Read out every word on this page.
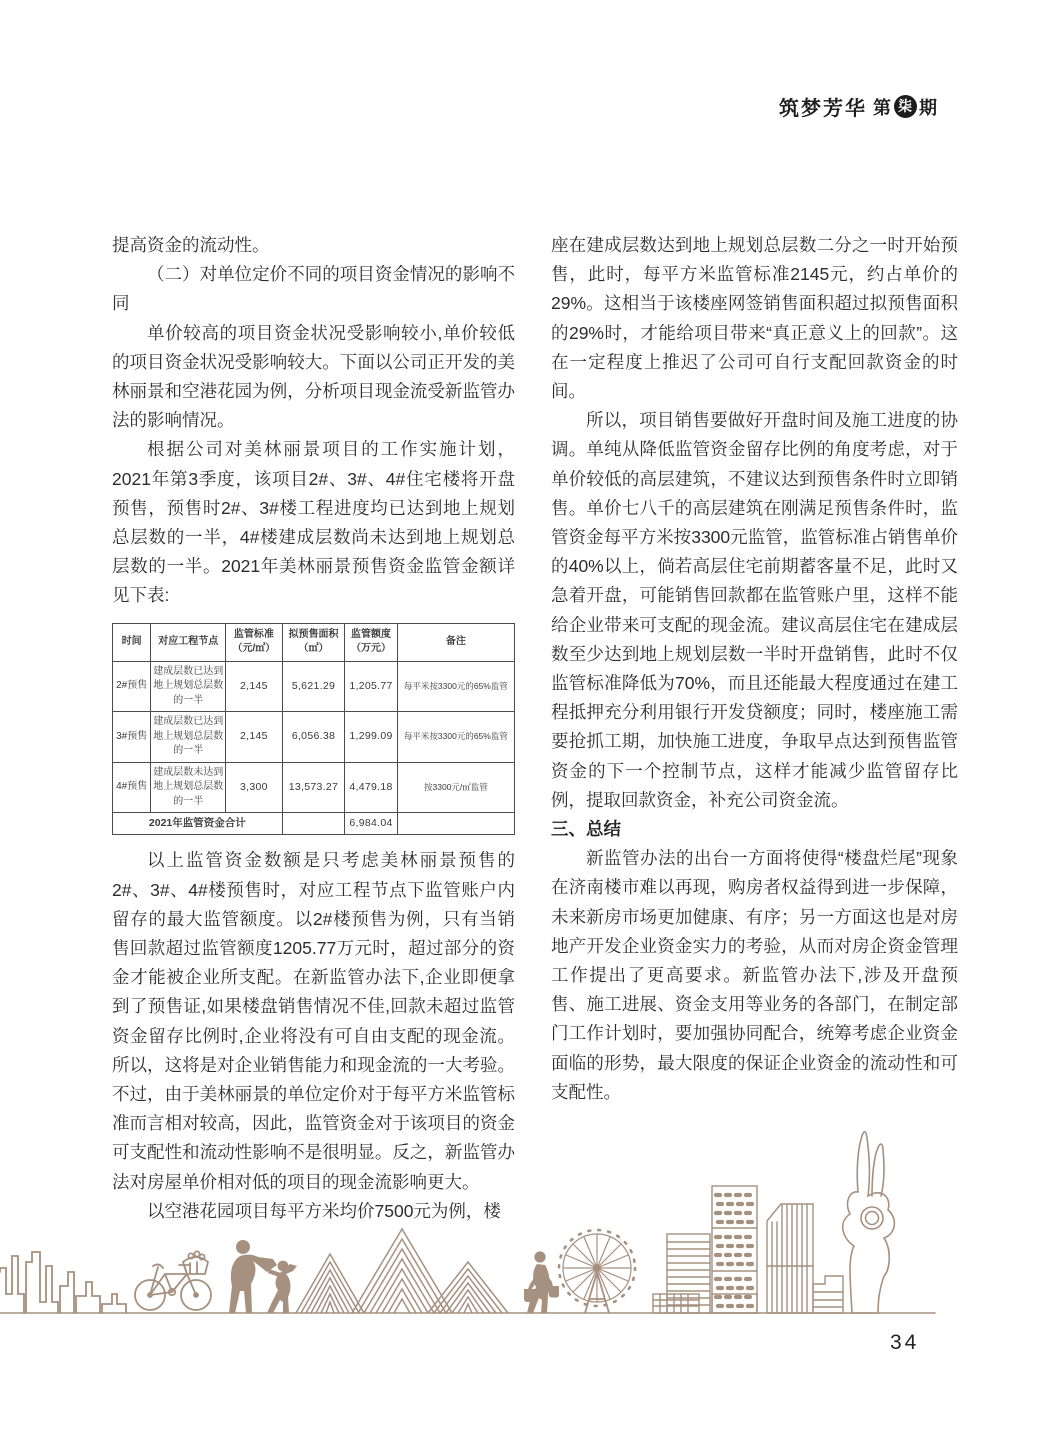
筑梦芳华 第 柒 期

提高资金的流动性。

（二）对单位定价不同的项目资金情况的影响不同

单价较高的项目资金状况受影响较小,单价较低的项目资金状况受影响较大。下面以公司正开发的美林丽景和空港花园为例，分析项目现金流受新监管办法的影响情况。

根据公司对美林丽景项目的工作实施计划，2021年第3季度，该项目2#、3#、4#住宅楼将开盘预售，预售时2#、3#楼工程进度均已达到地上规划总层数的一半，4#楼建成层数尚未达到地上规划总层数的一半。2021年美林丽景预售资金监管金额详见下表:

时间	对应工程节点	监管标准（元/㎡）	拟预售面积（㎡）	监管额度（万元）	备注
2#预售	建成层数已达到地上规划总层数的一半	2,145	5,621.29	1,205.77	每平米按3300元的65%监管
3#预售	建成层数已达到地上规划总层数的一半	2,145	6,056.38	1,299.09	每平米按3300元的65%监管
4#预售	建成层数未达到地上规划总层数的一半	3,300	13,573.27	4,479.18	按3300元/㎡监管
2021年监管资金合计				6,984.04	

以上监管资金数额是只考虑美林丽景预售的2#、3#、4#楼预售时，对应工程节点下监管账户内留存的最大监管额度。以2#楼预售为例，只有当销售回款超过监管额度1205.77万元时，超过部分的资金才能被企业所支配。在新监管办法下,企业即便拿到了预售证,如果楼盘销售情况不佳,回款未超过监管资金留存比例时,企业将没有可自由支配的现金流。所以，这将是对企业销售能力和现金流的一大考验。不过，由于美林丽景的单位定价对于每平方米监管标准而言相对较高，因此，监管资金对于该项目的资金可支配性和流动性影响不是很明显。反之，新监管办法对房屋单价相对低的项目的现金流影响更大。

以空港花园项目每平方米均价7500元为例，楼

座在建成层数达到地上规划总层数二分之一时开始预售，此时，每平方米监管标准2145元，约占单价的29%。这相当于该楼座网签销售面积超过拟预售面积的29%时，才能给项目带来“真正意义上的回款”。这在一定程度上推迟了公司可自行支配回款资金的时间。

所以，项目销售要做好开盘时间及施工进度的协调。单纯从降低监管资金留存比例的角度考虑，对于单价较低的高层建筑，不建议达到预售条件时立即销售。单价七八千的高层建筑在刚满足预售条件时，监管资金每平方米按3300元监管，监管标准占销售单价的40%以上，倘若高层住宅前期蓄客量不足，此时又急着开盘，可能销售回款都在监管账户里，这样不能给企业带来可支配的现金流。建议高层住宅在建成层数至少达到地上规划层数一半时开盘销售，此时不仅监管标准降低为70%，而且还能最大程度通过在建工程抵押充分利用银行开发贷额度；同时，楼座施工需要抢抓工期，加快施工进度，争取早点达到预售监管资金的下一个控制节点，这样才能减少监管留存比例，提取回款资金，补充公司资金流。

三、总结

新监管办法的出台一方面将使得“楼盘烂尾”现象在济南楼市难以再现，购房者权益得到进一步保障，未来新房市场更加健康、有序；另一方面这也是对房地产开发企业资金实力的考验，从而对房企资金管理工作提出了更高要求。新监管办法下,涉及开盘预售、施工进展、资金支用等业务的各部门，在制定部门工作计划时，要加强协同配合，统筹考虑企业资金面临的形势，最大限度的保证企业资金的流动性和可支配性。

34
